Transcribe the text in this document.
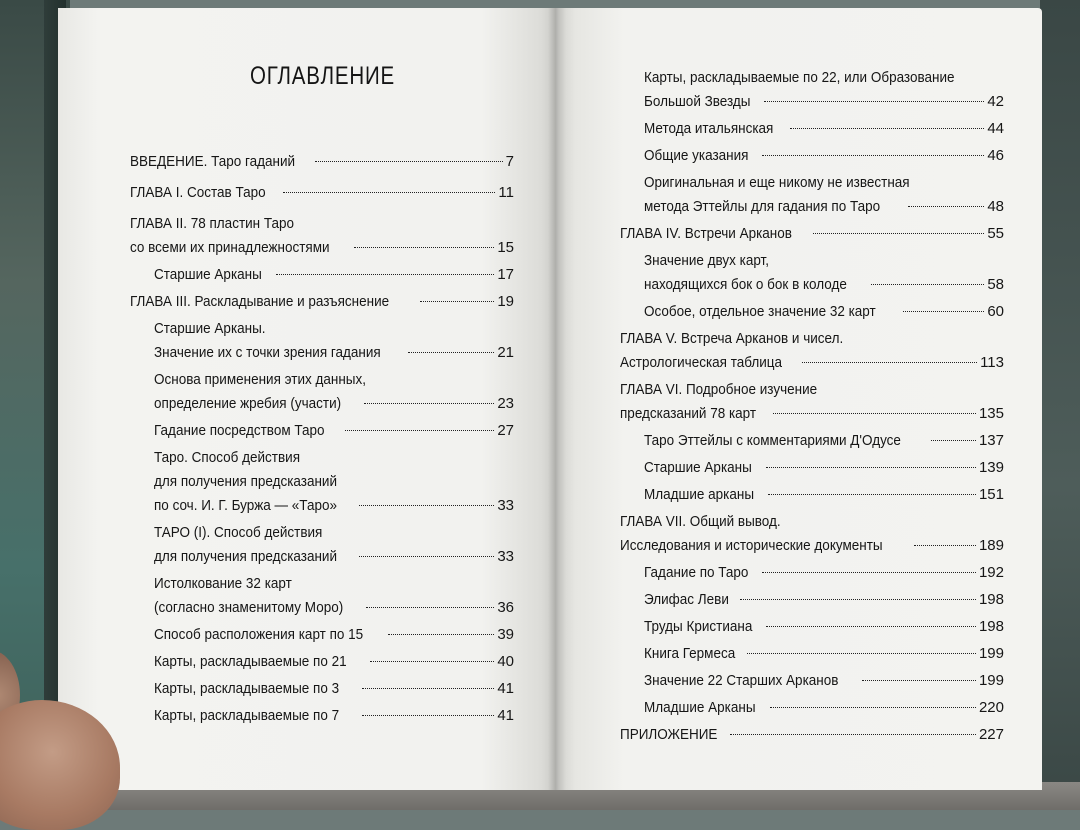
ОГЛАВЛЕНИЕ
ВВЕДЕНИЕ. Таро гаданий	7
ГЛАВА I. Состав Таро	11
ГЛАВА II. 78 пластин Таро
со всеми их принадлежностями	15
Старшие Арканы	17
ГЛАВА III. Раскладывание и разъяснение	19
Старшие Арканы.
Значение их с точки зрения гадания	21
Основа применения этих данных,
определение жребия (участи)	23
Гадание посредством Таро	27
Таро. Способ действия
для получения предсказаний
по соч. И. Г. Буржа — «Таро»	33
ТАРО (I). Способ действия
для получения предсказаний	33
Истолкование 32 карт
(согласно знаменитому Моро)	36
Способ расположения карт по 15	39
Карты, раскладываемые по 21	40
Карты, раскладываемые по 3	41
Карты, раскладываемые по 7	41
Карты, раскладываемые по 22, или Образование
Большой Звезды	42
Метода итальянская	44
Общие указания	46
Оригинальная и еще никому не известная
метода Эттейлы для гадания по Таро	48
ГЛАВА IV. Встречи Арканов	55
Значение двух карт,
находящихся бок о бок в колоде	58
Особое, отдельное значение 32 карт	60
ГЛАВА V. Встреча Арканов и чисел.
Астрологическая таблица	113
ГЛАВА VI. Подробное изучение
предсказаний 78 карт	135
Таро Эттейлы с комментариями Д'Одусе	137
Старшие Арканы	139
Младшие арканы	151
ГЛАВА VII. Общий вывод.
Исследования и исторические документы	189
Гадание по Таро	192
Элифас Леви	198
Труды Кристиана	198
Книга Гермеса	199
Значение 22 Старших Арканов	199
Младшие Арканы	220
ПРИЛОЖЕНИЕ	227
